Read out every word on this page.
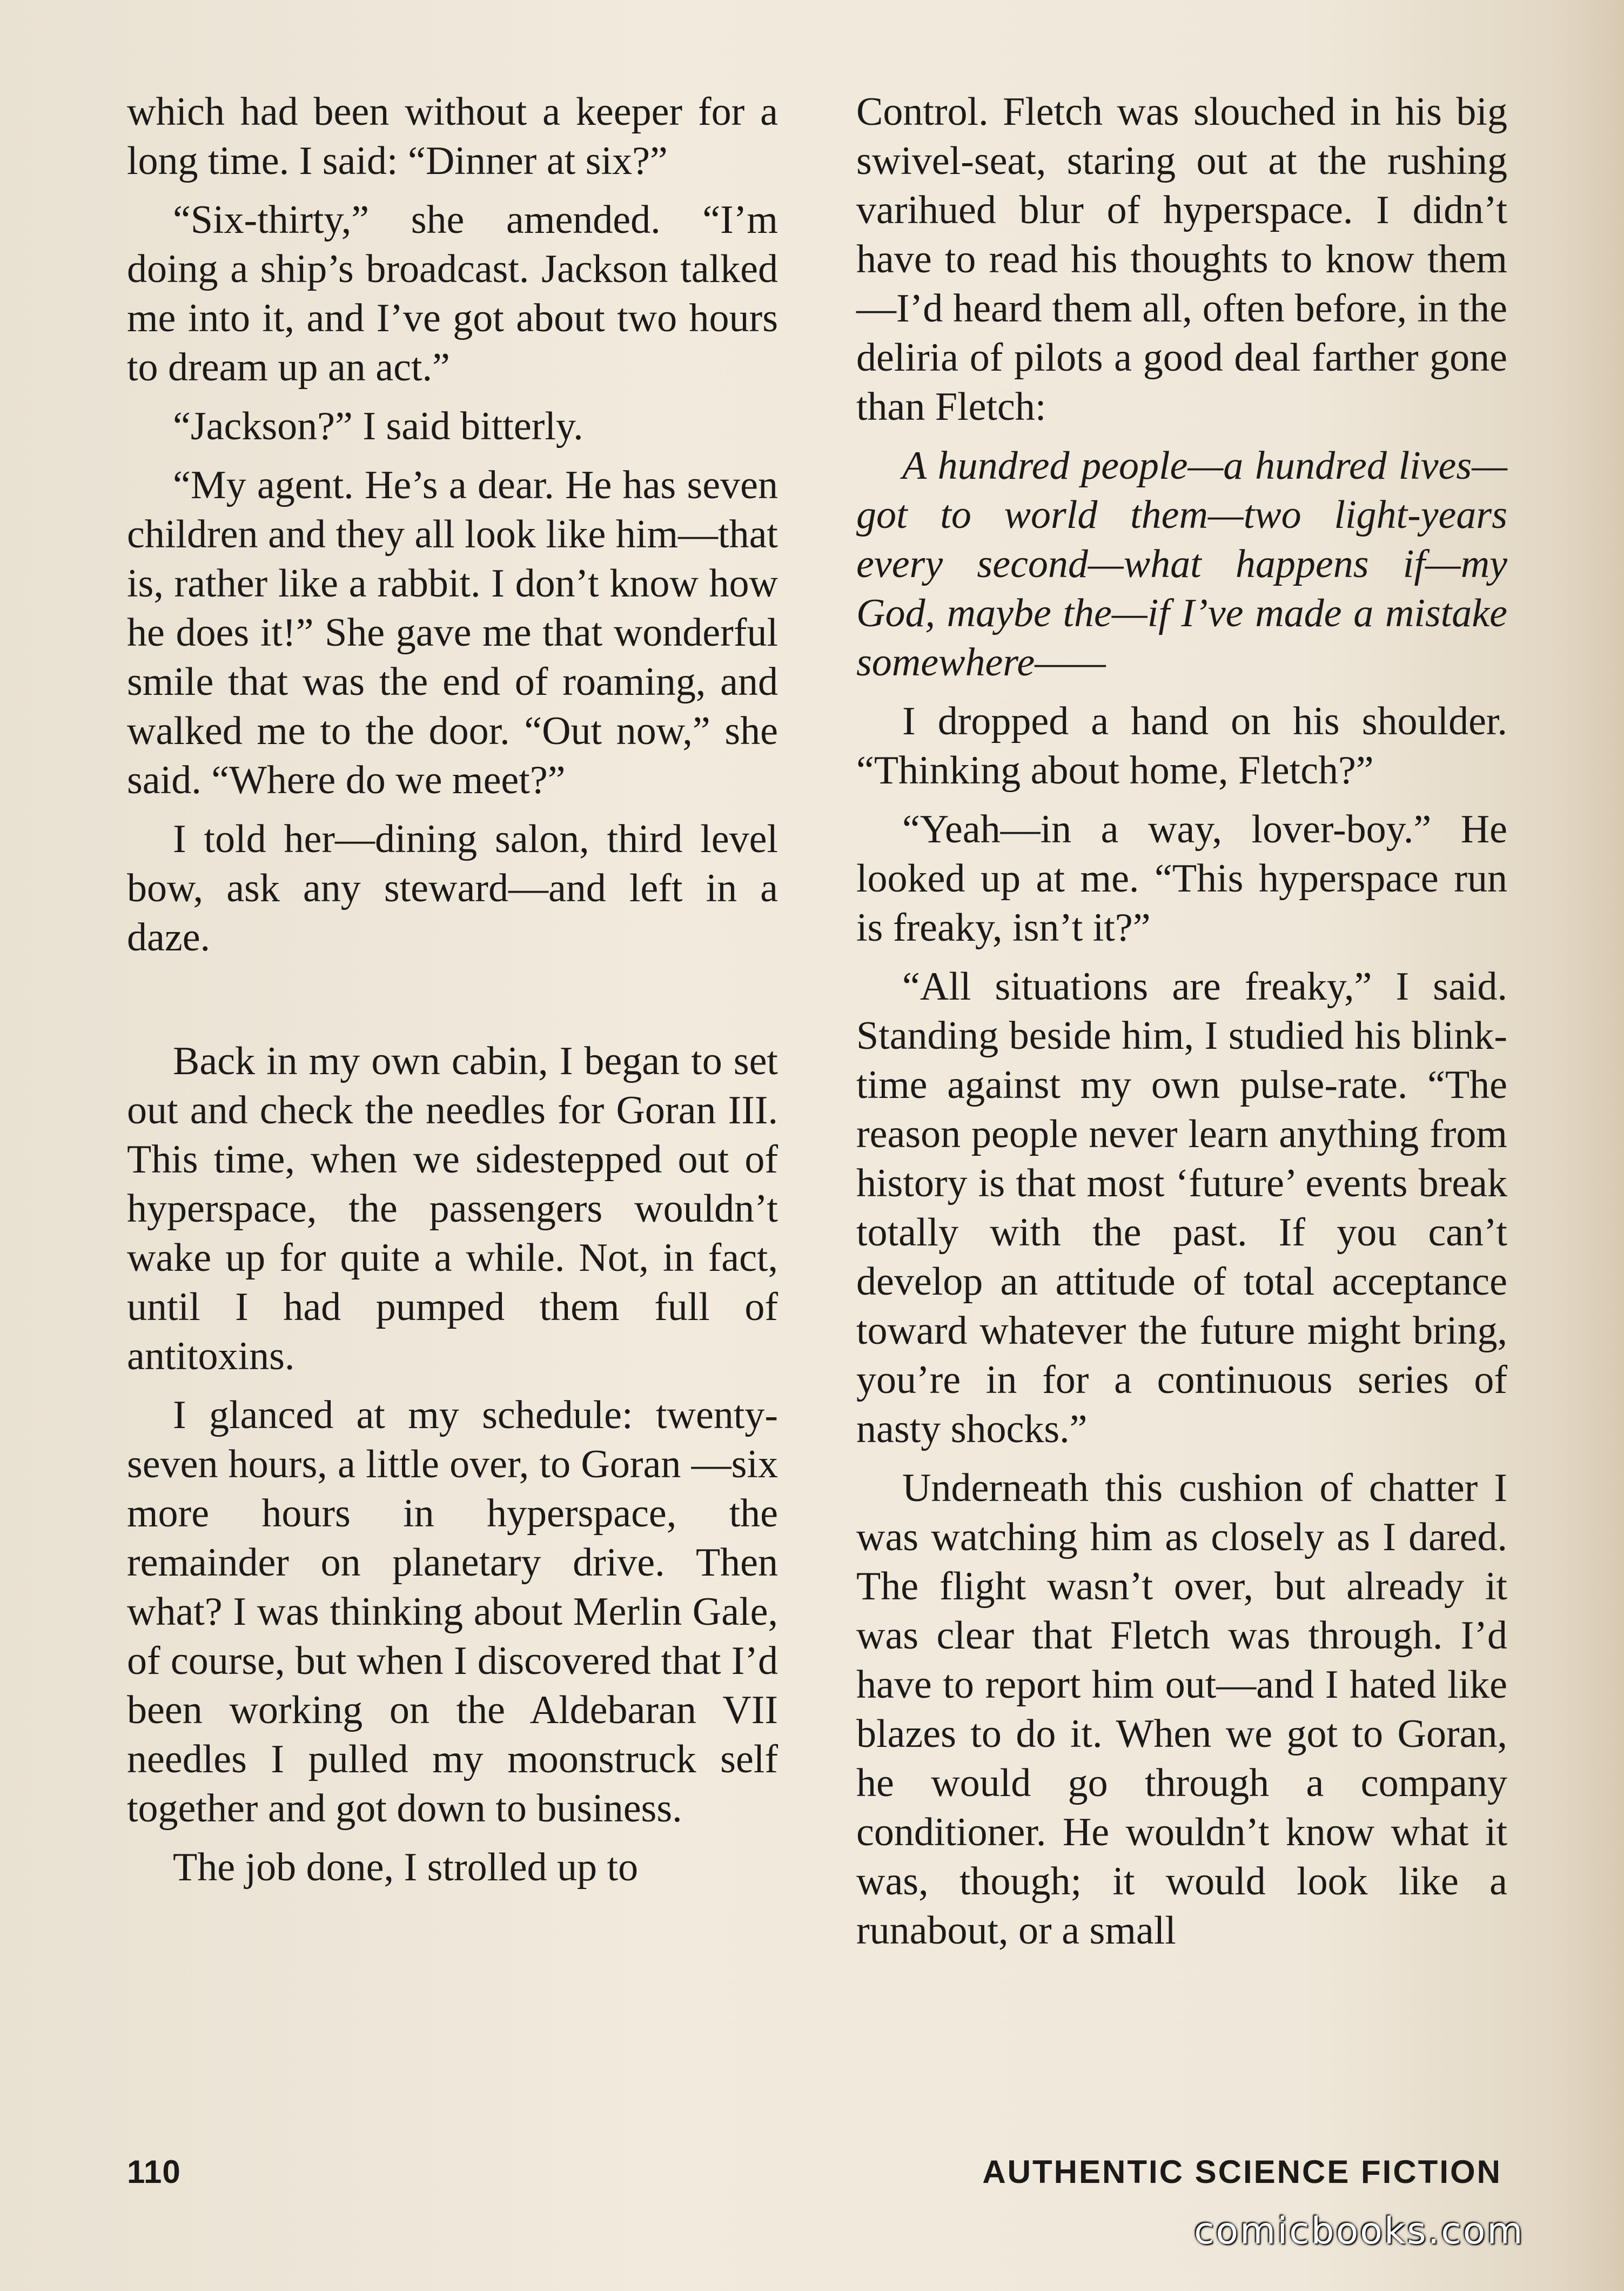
which had been without a keeper for a long time. I said: “Dinner at six?”

“Six-thirty,” she amended. “I’m doing a ship’s broadcast. Jackson talked me into it, and I’ve got about two hours to dream up an act.”

“Jackson?” I said bitterly.

“My agent. He’s a dear. He has seven children and they all look like him—that is, rather like a rabbit. I don’t know how he does it!” She gave me that wonderful smile that was the end of roaming, and walked me to the door. “Out now,” she said. “Where do we meet?”

I told her—dining salon, third level bow, ask any steward—and left in a daze.

Back in my own cabin, I began to set out and check the needles for Goran III. This time, when we sidestepped out of hyperspace, the passengers wouldn’t wake up for quite a while. Not, in fact, until I had pumped them full of antitoxins.

I glanced at my schedule: twenty-seven hours, a little over, to Goran —six more hours in hyperspace, the remainder on planetary drive. Then what? I was thinking about Merlin Gale, of course, but when I discovered that I’d been working on the Aldebaran VII needles I pulled my moonstruck self together and got down to business.

The job done, I strolled up to

Control. Fletch was slouched in his big swivel-seat, staring out at the rushing varihued blur of hyperspace. I didn’t have to read his thoughts to know them—I’d heard them all, often before, in the deliria of pilots a good deal farther gone than Fletch:

A hundred people—a hundred lives—got to world them—two light-years every second—what happens if—my God, maybe the—if I’ve made a mistake somewhere——

I dropped a hand on his shoulder. “Thinking about home, Fletch?”

“Yeah—in a way, lover-boy.” He looked up at me. “This hyperspace run is freaky, isn’t it?”

“All situations are freaky,” I said. Standing beside him, I studied his blink-time against my own pulse-rate. “The reason people never learn anything from history is that most ‘future’ events break totally with the past. If you can’t develop an attitude of total acceptance toward whatever the future might bring, you’re in for a continuous series of nasty shocks.”

Underneath this cushion of chatter I was watching him as closely as I dared. The flight wasn’t over, but already it was clear that Fletch was through. I’d have to report him out—and I hated like blazes to do it. When we got to Goran, he would go through a company conditioner. He wouldn’t know what it was, though; it would look like a runabout, or a small

110	AUTHENTIC SCIENCE FICTION
comicbooks.com
